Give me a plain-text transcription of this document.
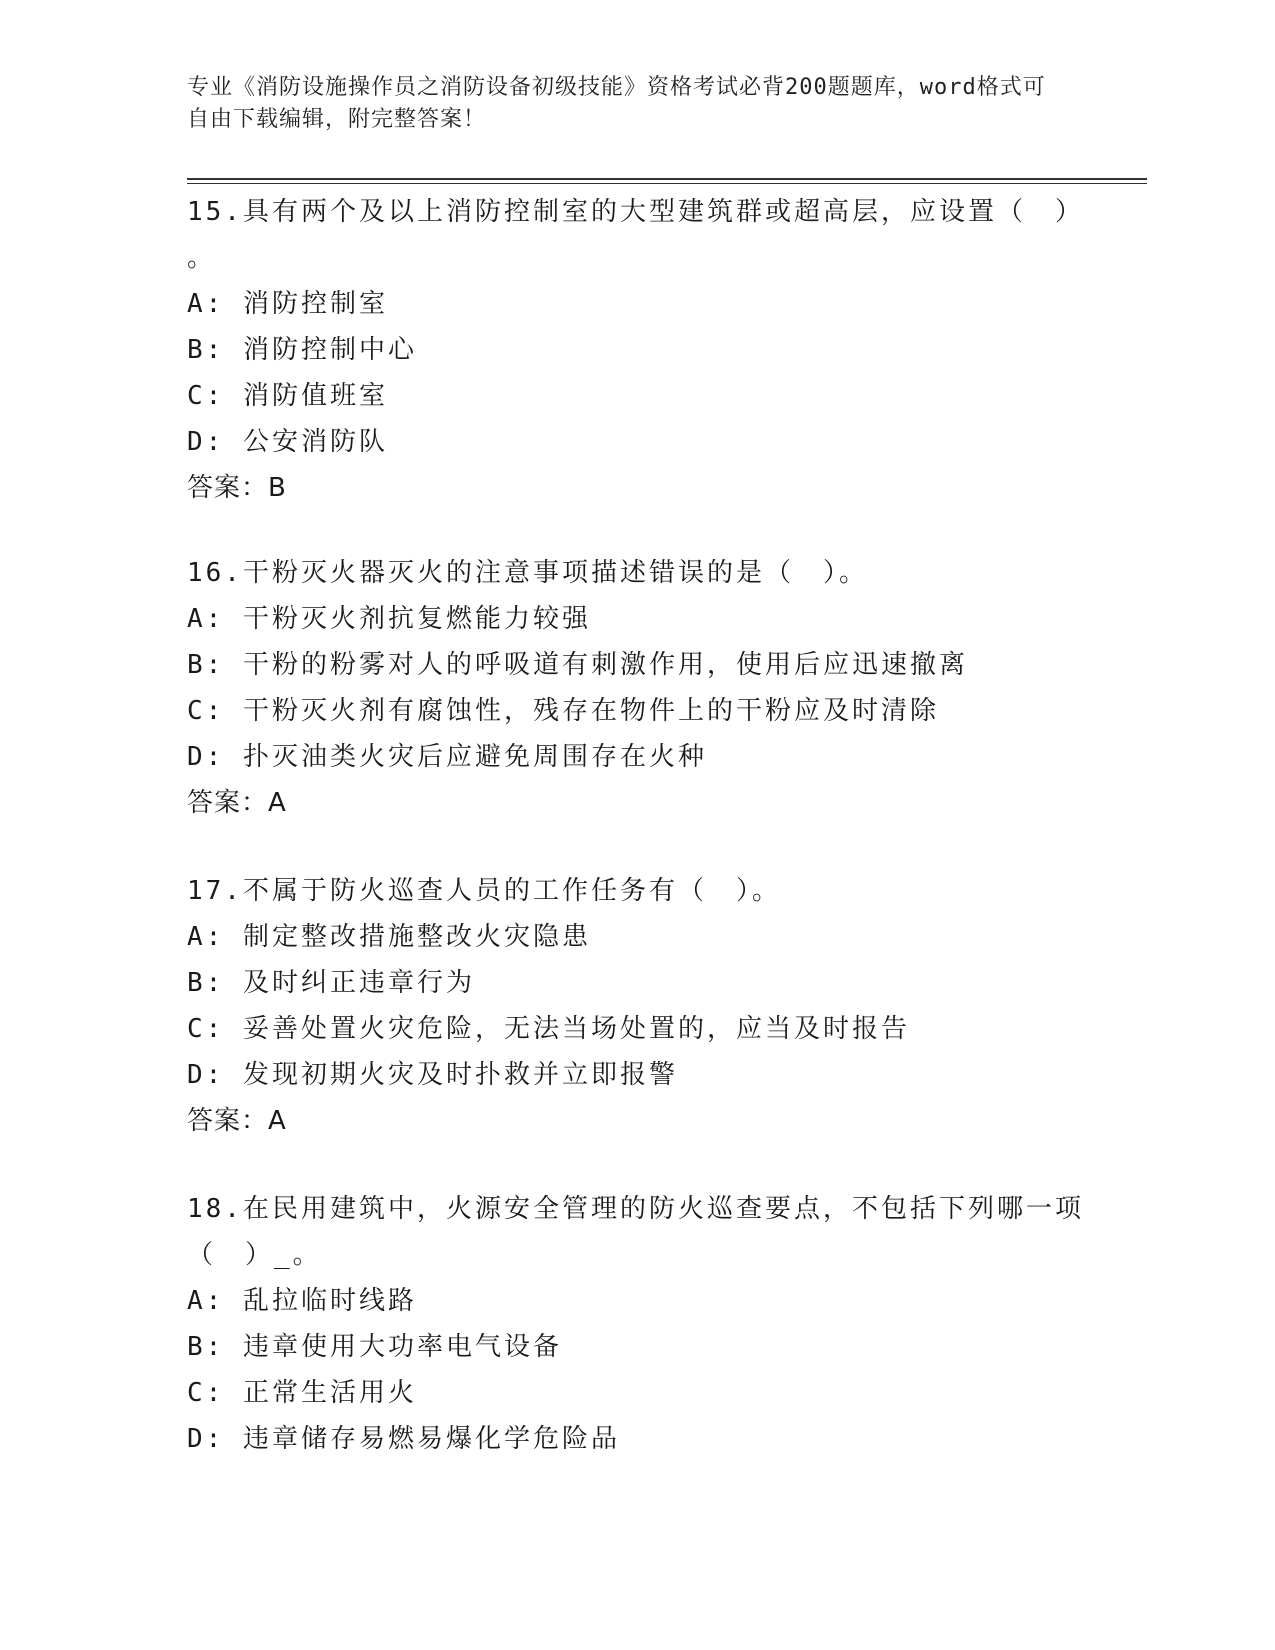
专业《消防设施操作员之消防设备初级技能》资格考试必背200题题库，word格式可自由下载编辑，附完整答案！
15.具有两个及以上消防控制室的大型建筑群或超高层，应设置（　）
。
A: 消防控制室
B: 消防控制中心
C: 消防值班室
D: 公安消防队
答案：B
16.干粉灭火器灭火的注意事项描述错误的是（　）。
A: 干粉灭火剂抗复燃能力较强
B: 干粉的粉雾对人的呼吸道有刺激作用，使用后应迅速撤离
C: 干粉灭火剂有腐蚀性，残存在物件上的干粉应及时清除
D: 扑灭油类火灾后应避免周围存在火种
答案：A
17.不属于防火巡查人员的工作任务有（　）。
A: 制定整改措施整改火灾隐患
B: 及时纠正违章行为
C: 妥善处置火灾危险，无法当场处置的，应当及时报告
D: 发现初期火灾及时扑救并立即报警
答案：A
18.在民用建筑中，火源安全管理的防火巡查要点，不包括下列哪一项
（　）_。
A: 乱拉临时线路
B: 违章使用大功率电气设备
C: 正常生活用火
D: 违章储存易燃易爆化学危险品
